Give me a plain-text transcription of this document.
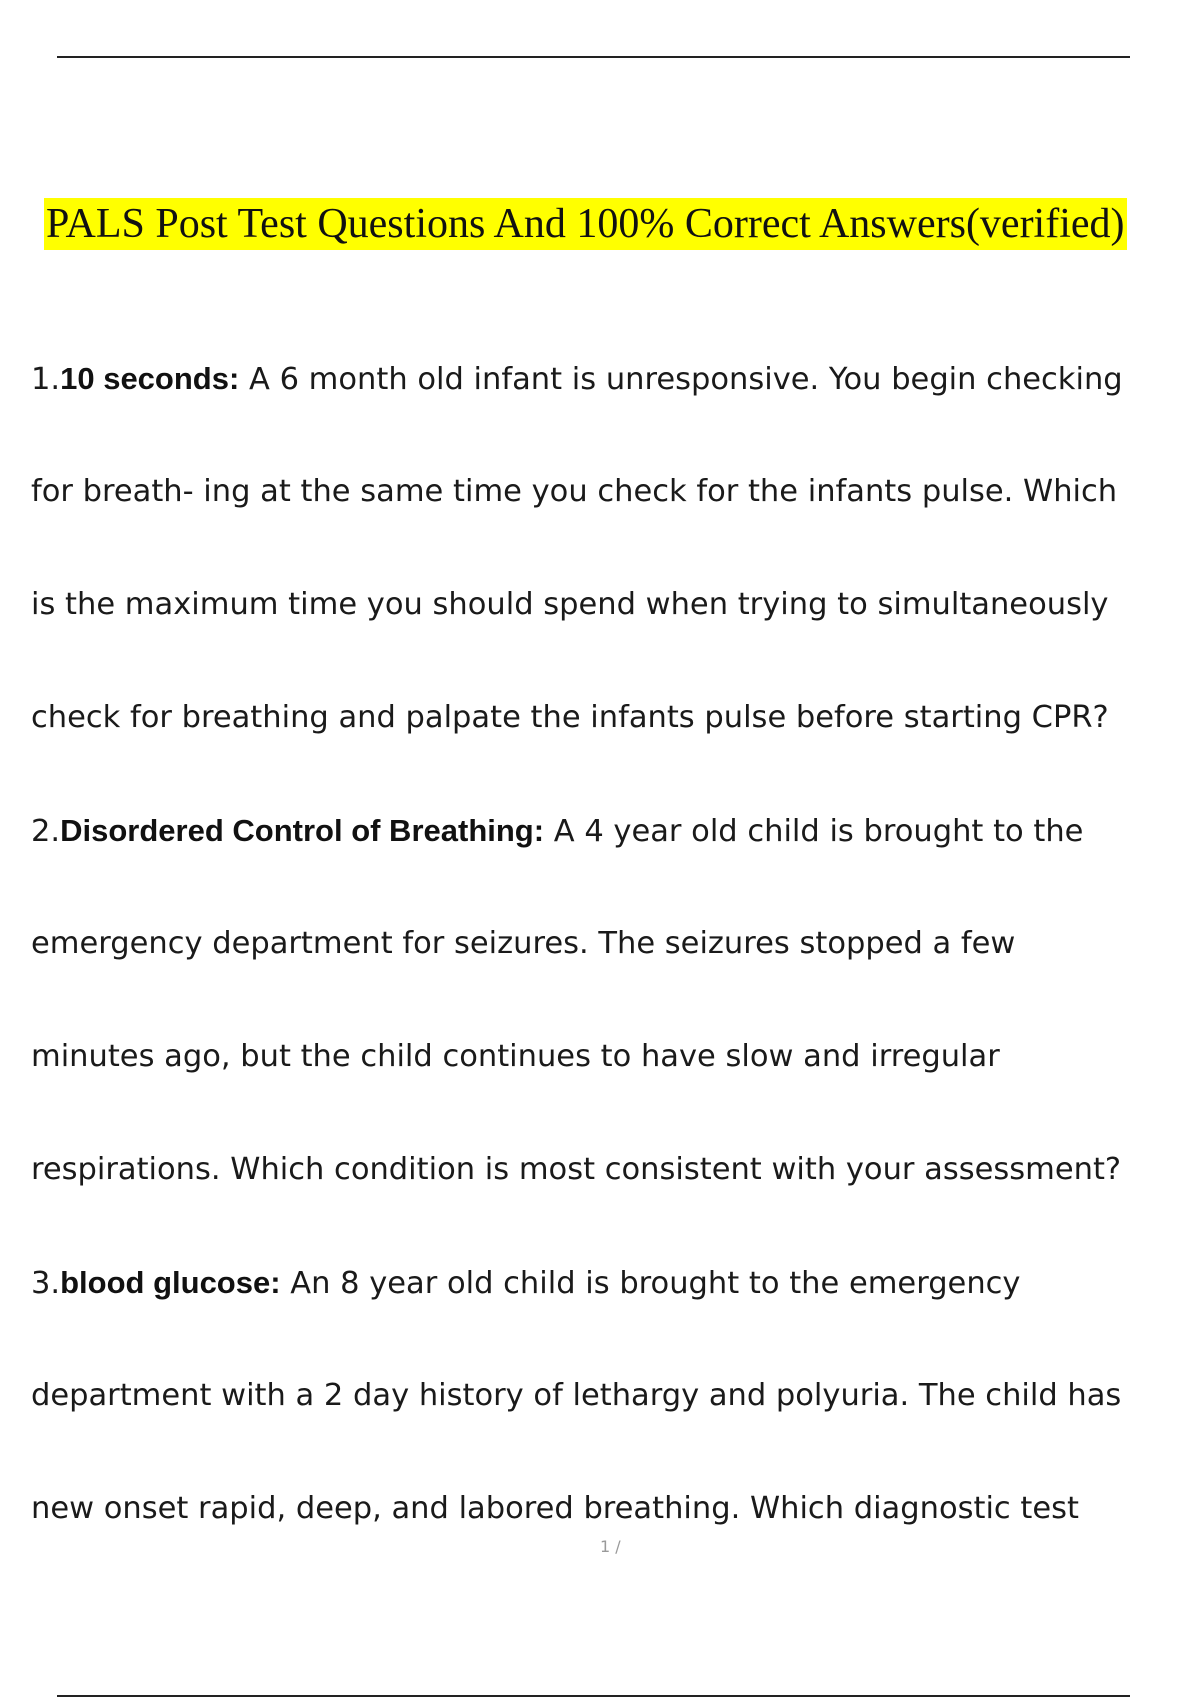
PALS Post Test Questions And 100% Correct Answers(verified)
1.10 seconds: A 6 month old infant is unresponsive. You begin checking
for breath- ing at the same time you check for the infants pulse. Which
is the maximum time you should spend when trying to simultaneously
check for breathing and palpate the infants pulse before starting CPR?
2.Disordered Control of Breathing: A 4 year old child is brought to the
emergency department for seizures. The seizures stopped a few
minutes ago, but the child continues to have slow and irregular
respirations. Which condition is most consistent with your assessment?
3.blood glucose: An 8 year old child is brought to the emergency
department with a 2 day history of lethargy and polyuria. The child has
new onset rapid, deep, and labored breathing. Which diagnostic test
1 /
